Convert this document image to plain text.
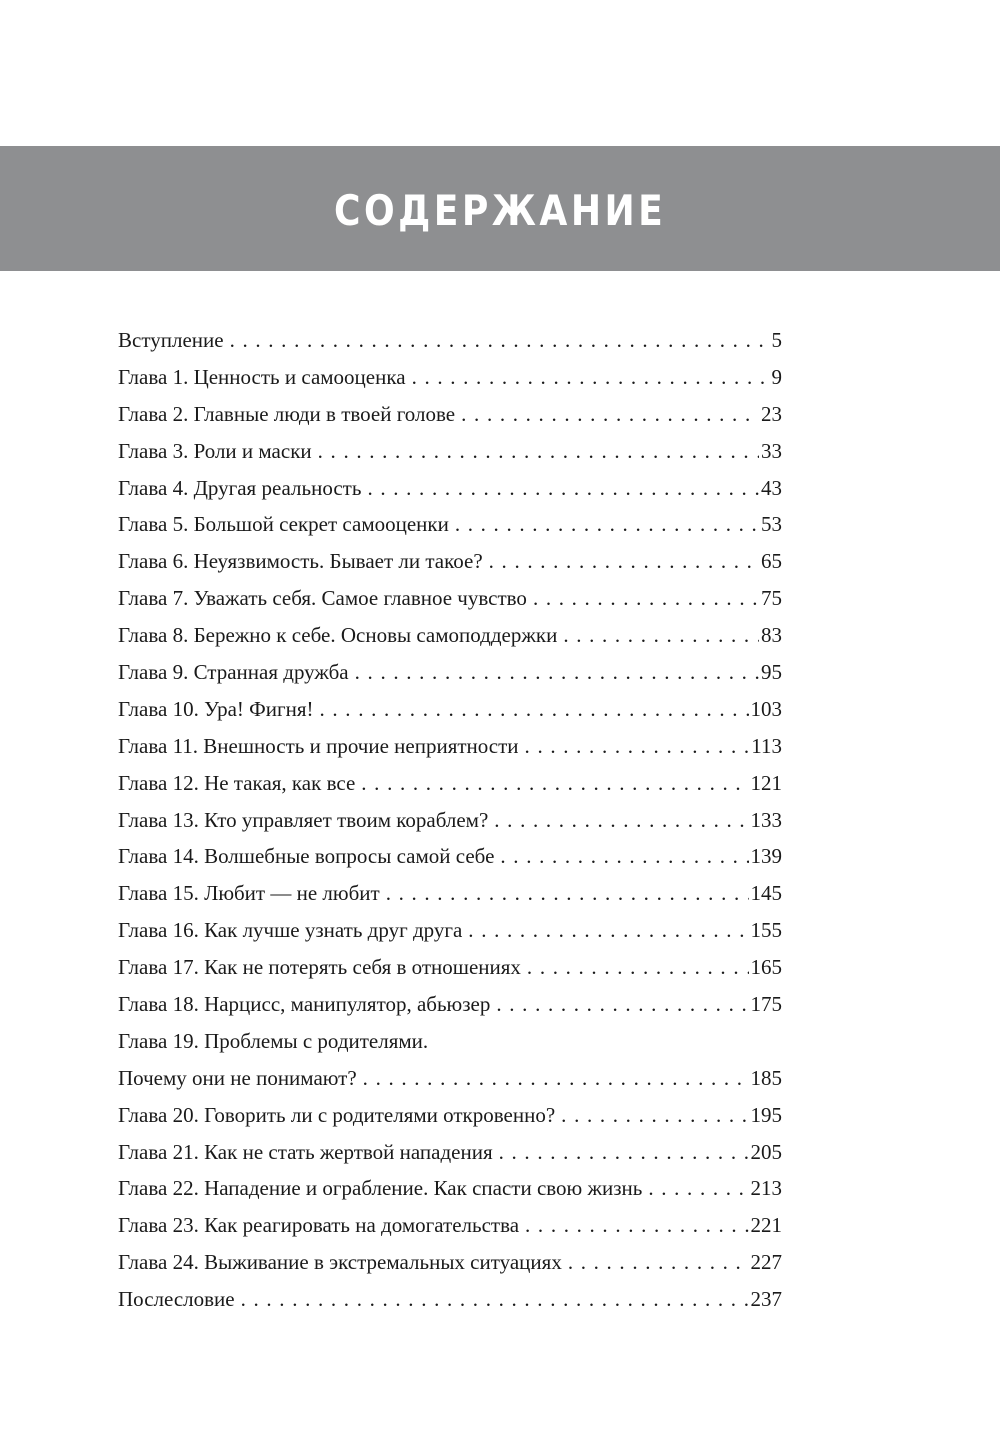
СОДЕРЖАНИЕ
Вступление . . .	5
Глава 1. Ценность и самооценка . . .	9
Глава 2. Главные люди в твоей голове . . .	23
Глава 3. Роли и маски . . .	33
Глава 4. Другая реальность . . .	43
Глава 5. Большой секрет самооценки . . .	53
Глава 6. Неуязвимость. Бывает ли такое? . . .	65
Глава 7. Уважать себя. Самое главное чувство . . .	75
Глава 8. Бережно к себе. Основы самоподдержки . . .	83
Глава 9. Странная дружба . . .	95
Глава 10. Ура! Фигня! . . .	103
Глава 11. Внешность и прочие неприятности . . .	113
Глава 12. Не такая, как все . . .	121
Глава 13. Кто управляет твоим кораблем? . . .	133
Глава 14. Волшебные вопросы самой себе . . .	139
Глава 15. Любит — не любит . . .	145
Глава 16. Как лучше узнать друг друга . . .	155
Глава 17. Как не потерять себя в отношениях . . .	165
Глава 18. Нарцисс, манипулятор, абьюзер . . .	175
Глава 19. Проблемы с родителями.
Почему они не понимают? . . .	185
Глава 20. Говорить ли с родителями откровенно? . . .	195
Глава 21. Как не стать жертвой нападения . . .	205
Глава 22. Нападение и ограбление. Как спасти свою жизнь . . .	213
Глава 23. Как реагировать на домогательства . . .	221
Глава 24. Выживание в экстремальных ситуациях . . .	227
Послесловие . . .	237
